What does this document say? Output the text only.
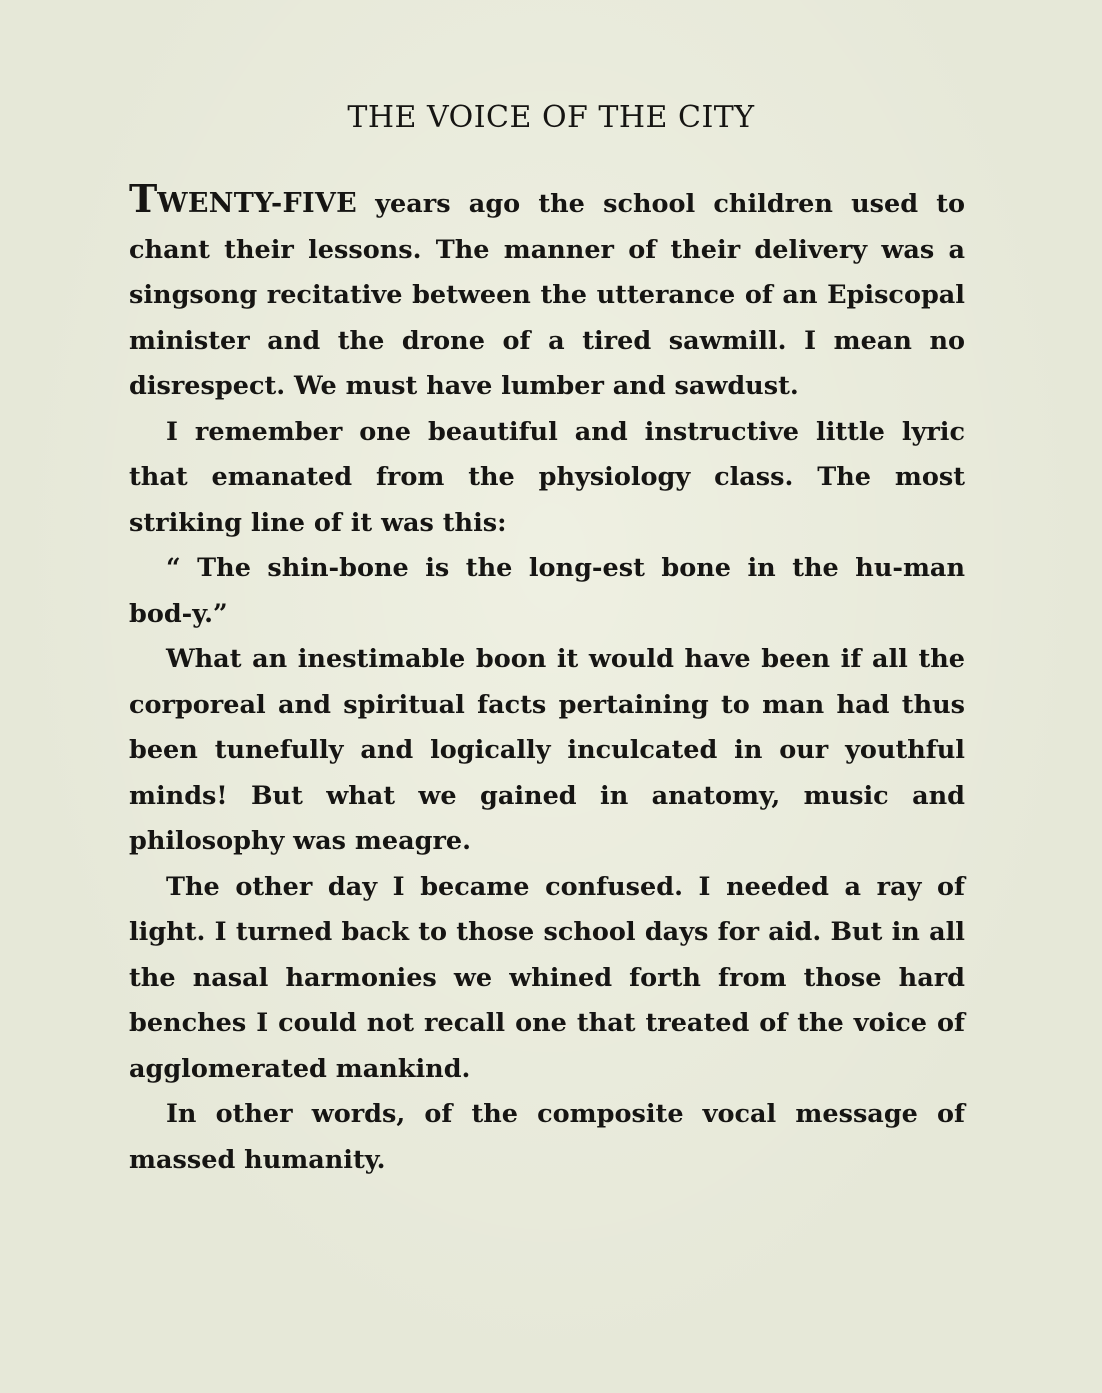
THE VOICE OF THE CITY

TWENTY-FIVE years ago the school children used to chant their lessons. The manner of their delivery was a singsong recitative between the utterance of an Episcopal minister and the drone of a tired sawmill. I mean no disrespect. We must have lumber and sawdust.

I remember one beautiful and instructive little lyric that emanated from the physiology class. The most striking line of it was this:

“ The shin-bone is the long-est bone in the hu-man bod-y.”

What an inestimable boon it would have been if all the corporeal and spiritual facts pertaining to man had thus been tunefully and logically inculcated in our youthful minds! But what we gained in anatomy, music and philosophy was meagre.

The other day I became confused. I needed a ray of light. I turned back to those school days for aid. But in all the nasal harmonies we whined forth from those hard benches I could not recall one that treated of the voice of agglomerated mankind.

In other words, of the composite vocal message of massed humanity.
